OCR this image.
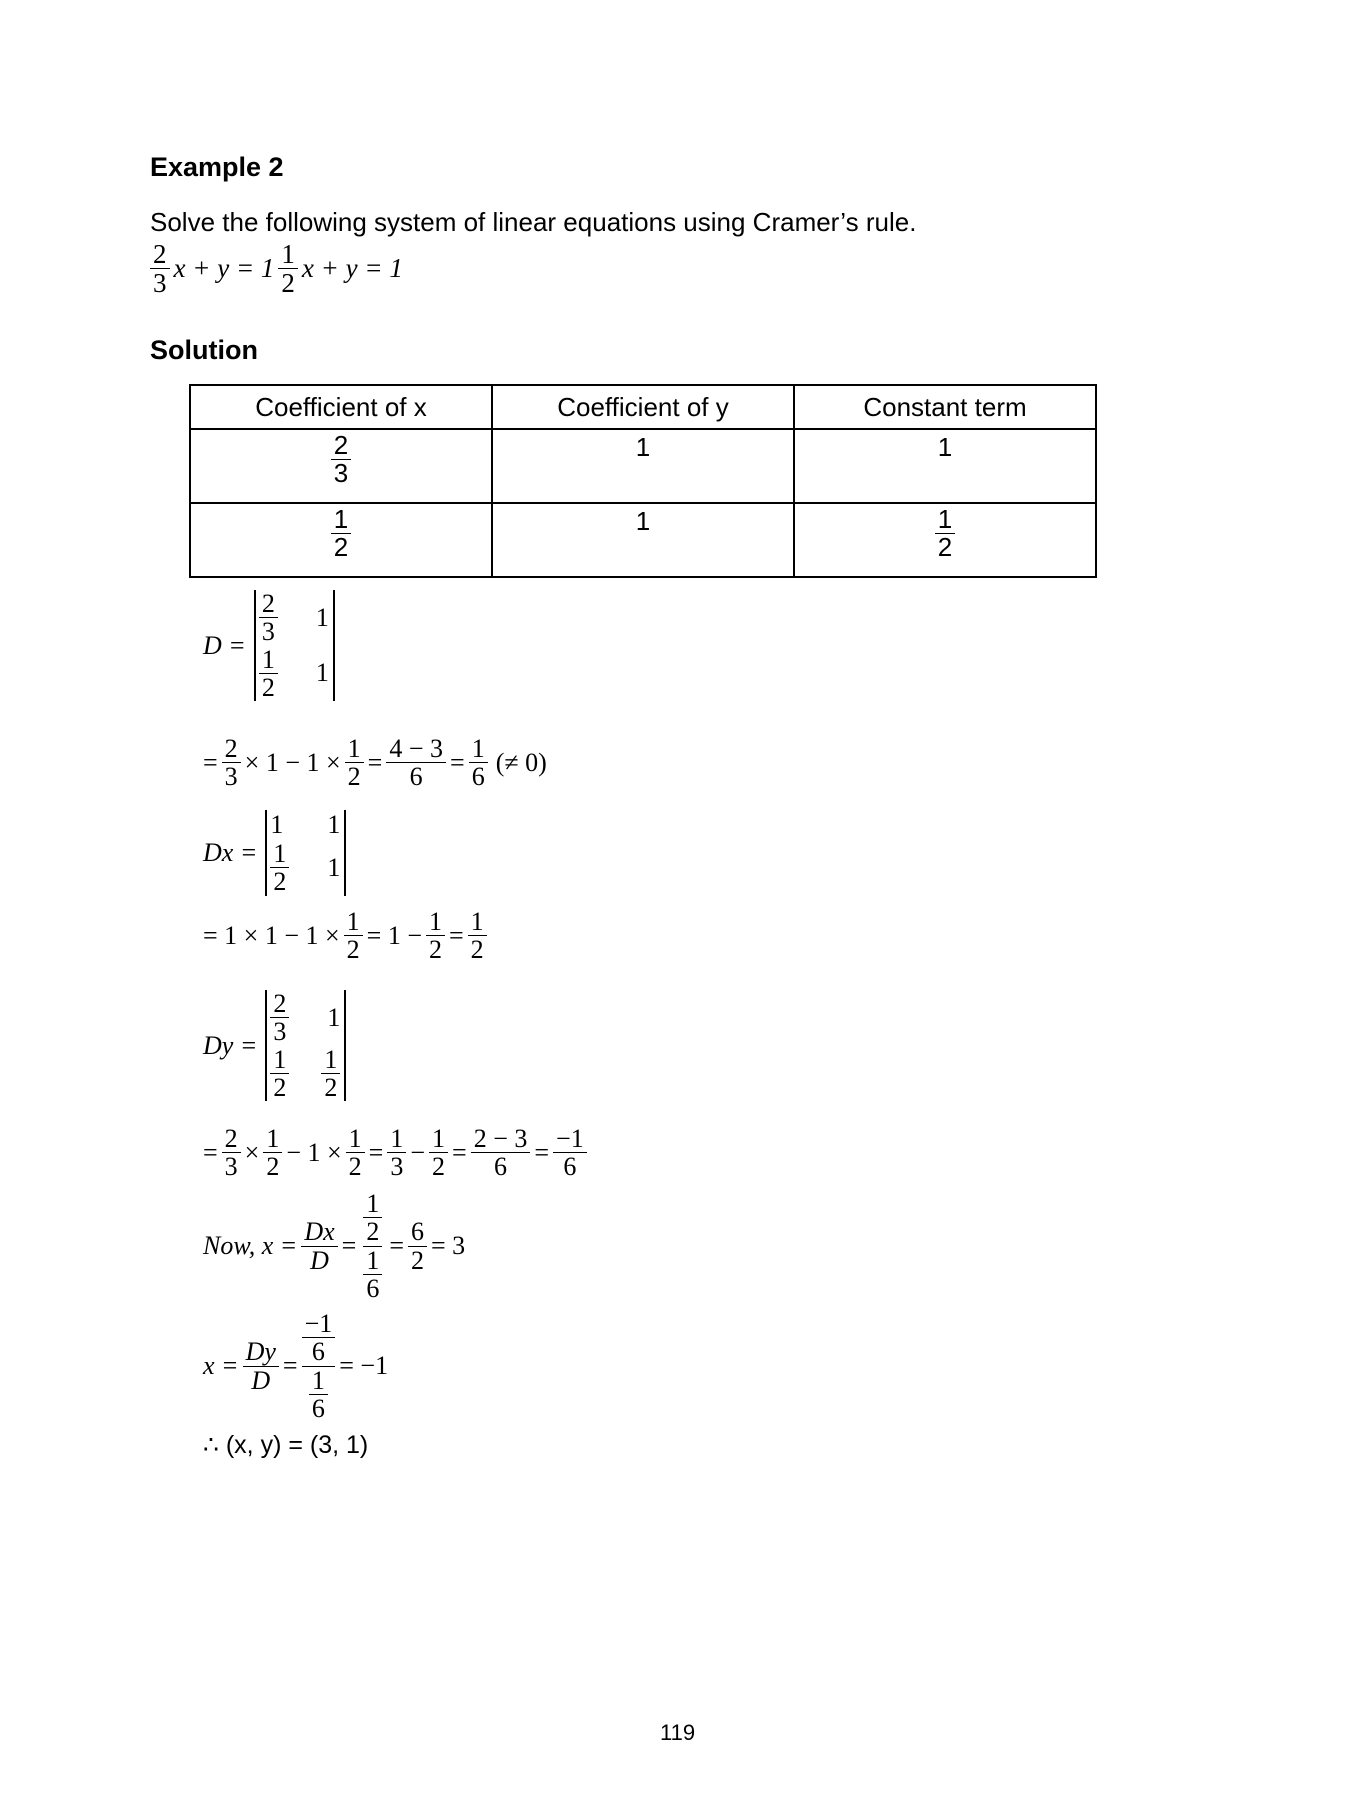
Example 2
Solve the following system of linear equations using Cramer’s rule.
$\frac{2}{3}$ $x + y = 1 \frac{1}{2}$ x + y = 1
Solution
Coefficient of x	Coefficient of y	Constant term

$\frac{2}{3}$	1	1

$\frac{1}{2}$	1	$\frac{1}{2}$
$D = \frac{2}{3} 1$
$\frac{1}{2} 1$
= $\frac{2}{3} \times 1 - 1 \times \frac{1}{2} = \frac{4 - 3}{6} = \frac{1}{6}$ (≠ 0)
Dx =
1 1
$\frac{1}{2} 1$
= $1 \times 1 - 1 \times \frac{1}{2} = 1 - \frac{1}{2} = \frac{1}{2}$
$Dy = \frac{2}{3} 1$
$\frac{1}{2} \frac{1}{2}$
= $\frac{2}{3} \times \frac{1}{2} - 1 \times \frac{1}{2} = \frac{1}{3} - \frac{1}{2} = \frac{2 - 3}{6} = \frac{-1}{6}$
Now, $x = \frac{Dx}{D} = \frac{\frac{1}{2}}{\frac{1}{6}} = \frac{6}{2} = 3$
$x = \frac{Dy}{D} = \frac{\frac{-1}{6}}{\frac{1}{6}} = -1$
∴ (x, y) = (3, 1)
119
